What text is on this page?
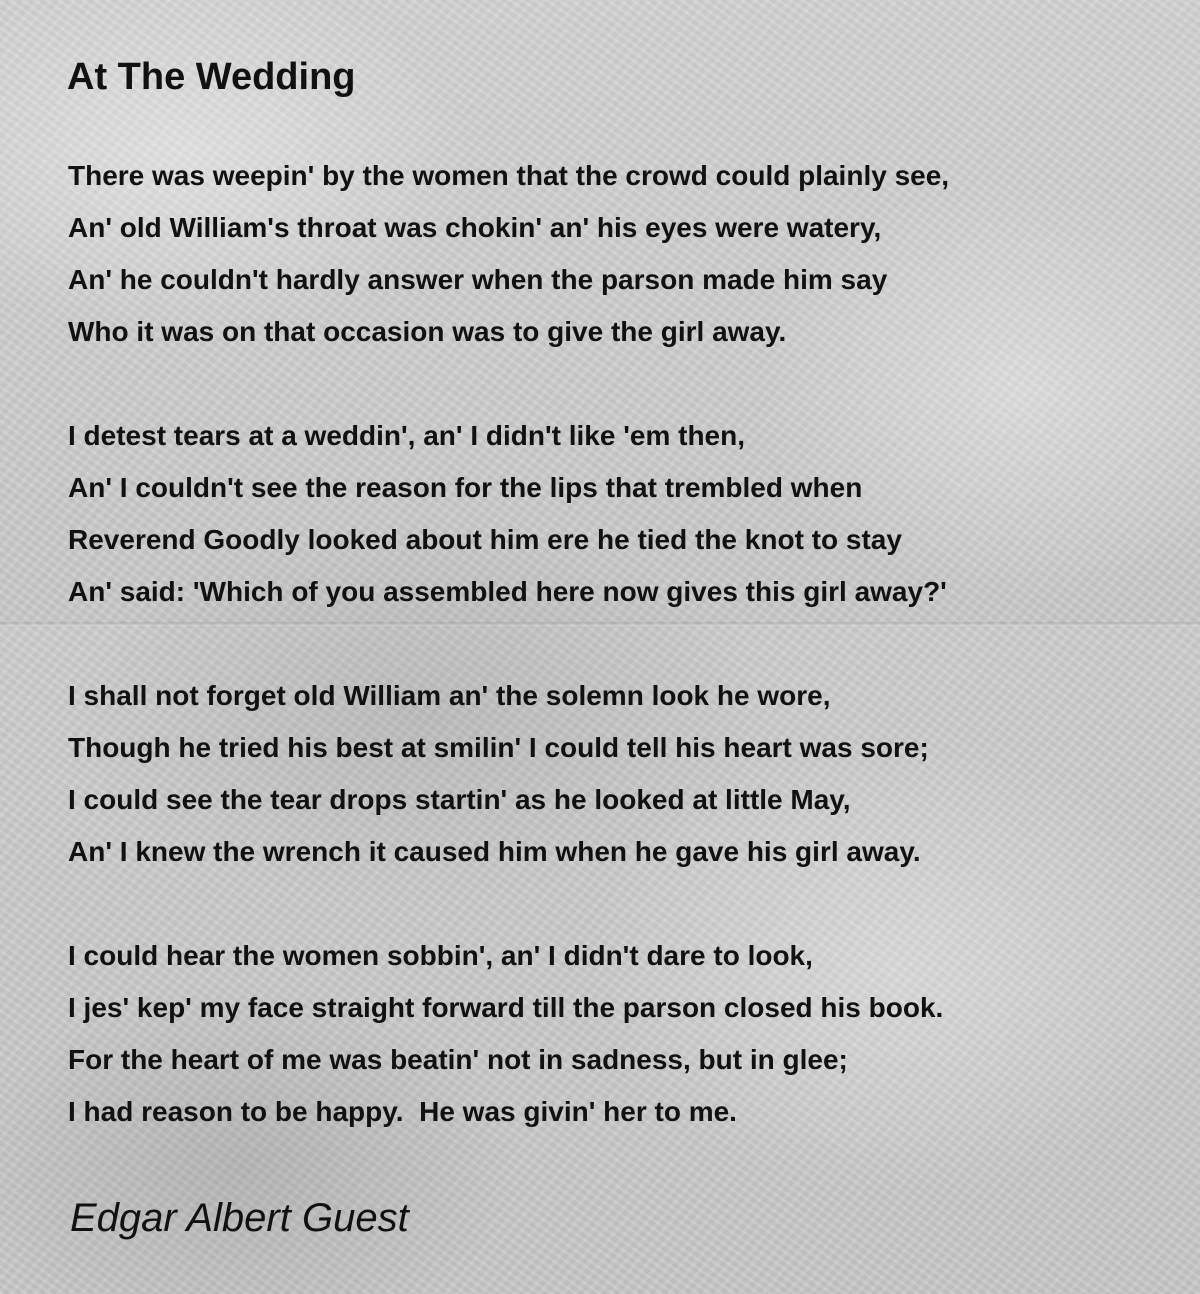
At The Wedding
There was weepin' by the women that the crowd could plainly see,
An' old William's throat was chokin' an' his eyes were watery,
An' he couldn't hardly answer when the parson made him say
Who it was on that occasion was to give the girl away.
I detest tears at a weddin', an' I didn't like 'em then,
An' I couldn't see the reason for the lips that trembled when
Reverend Goodly looked about him ere he tied the knot to stay
An' said: 'Which of you assembled here now gives this girl away?'
I shall not forget old William an' the solemn look he wore,
Though he tried his best at smilin' I could tell his heart was sore;
I could see the tear drops startin' as he looked at little May,
An' I knew the wrench it caused him when he gave his girl away.
I could hear the women sobbin', an' I didn't dare to look,
I jes' kep' my face straight forward till the parson closed his book.
For the heart of me was beatin' not in sadness, but in glee;
I had reason to be happy.  He was givin' her to me.

Edgar Albert Guest
